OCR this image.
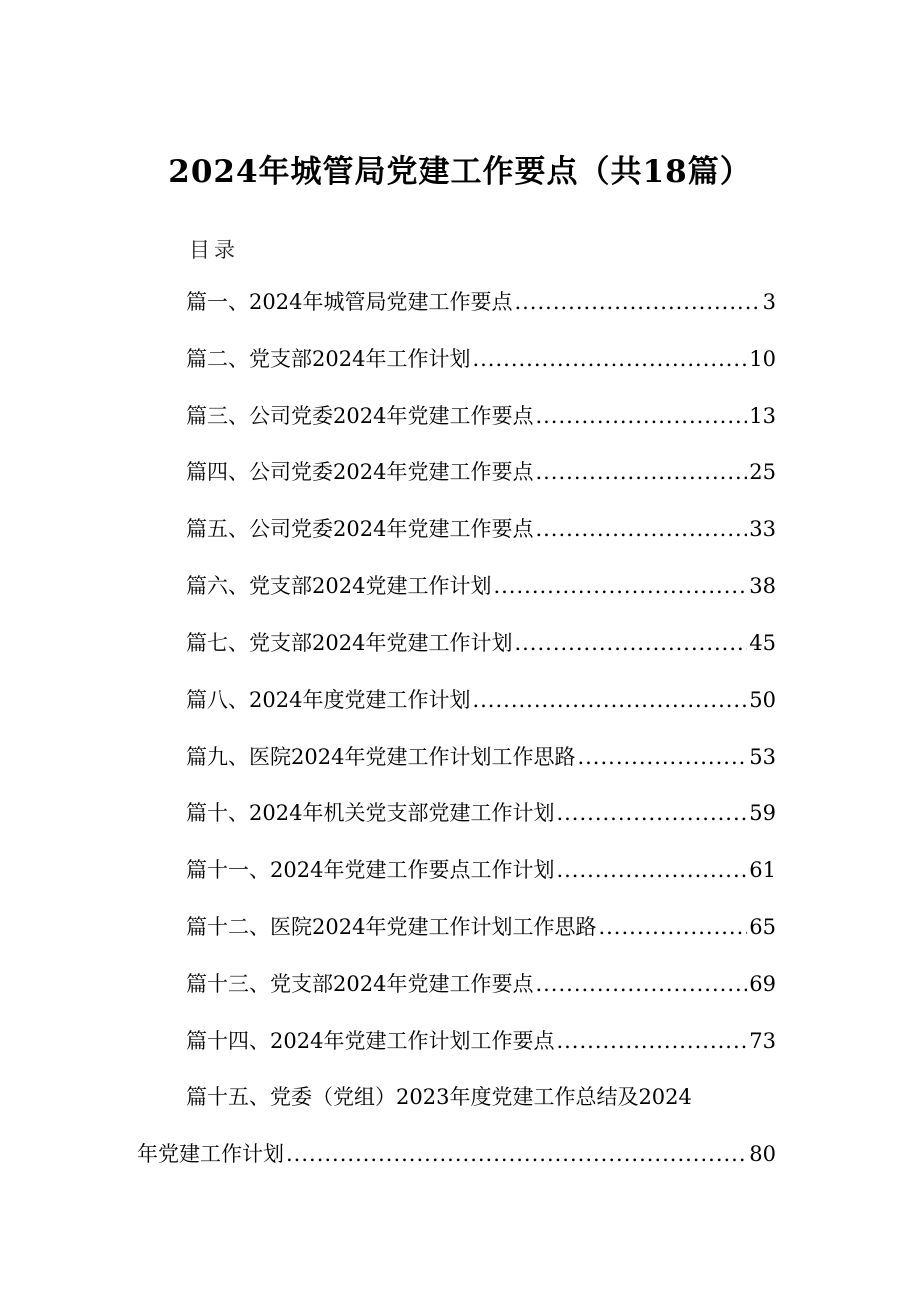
2024年城管局党建工作要点（共18篇）
目录
篇一、2024年城管局党建工作要点 .....	3
篇二、党支部2024年工作计划 .....	10
篇三、公司党委2024年党建工作要点 .....	13
篇四、公司党委2024年党建工作要点 .....	25
篇五、公司党委2024年党建工作要点 .....	33
篇六、党支部2024党建工作计划 .....	38
篇七、党支部2024年党建工作计划 .....	45
篇八、2024年度党建工作计划 .....	50
篇九、医院2024年党建工作计划工作思路 .....	53
篇十、2024年机关党支部党建工作计划 .....	59
篇十一、2024年党建工作要点工作计划 .....	61
篇十二、医院2024年党建工作计划工作思路 .....	65
篇十三、党支部2024年党建工作要点 .....	69
篇十四、2024年党建工作计划工作要点 .....	73
篇十五、党委（党组）2023年度党建工作总结及2024
年党建工作计划 .....	80
